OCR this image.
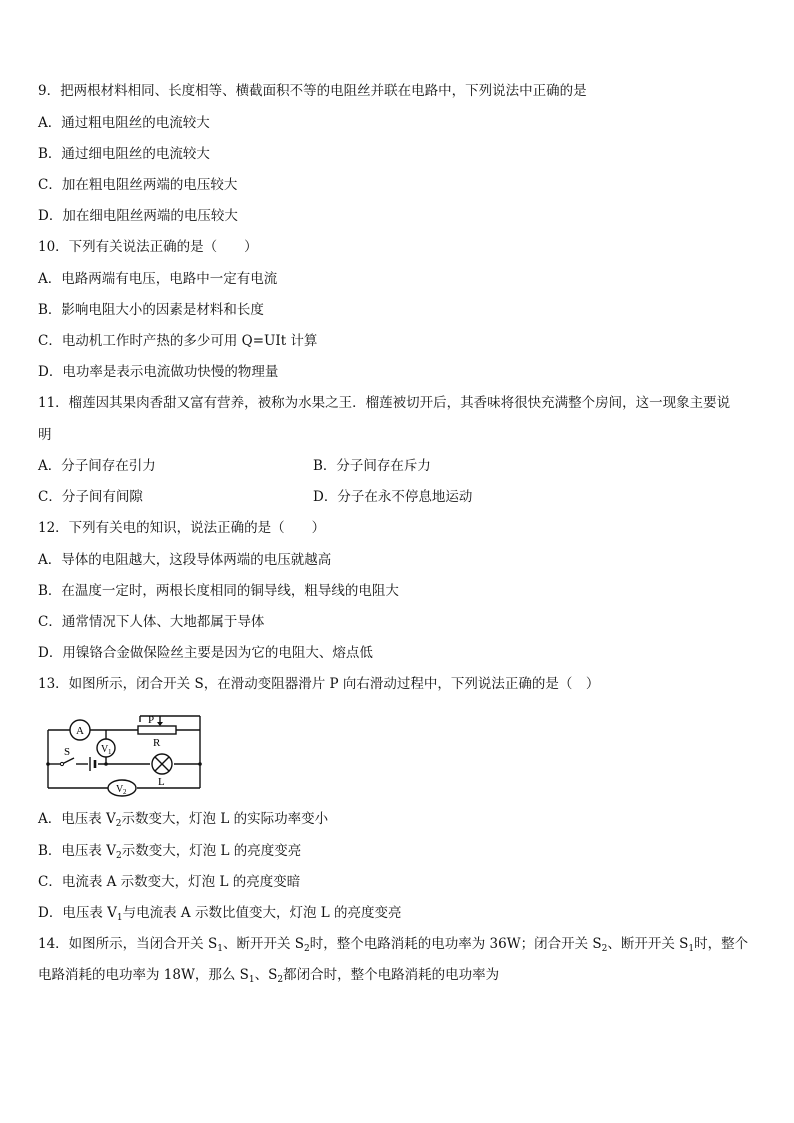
9．把两根材料相同、长度相等、横截面积不等的电阻丝并联在电路中，下列说法中正确的是
A．通过粗电阻丝的电流较大
B．通过细电阻丝的电流较大
C．加在粗电阻丝两端的电压较大
D．加在细电阻丝两端的电压较大
10．下列有关说法正确的是（　　）
A．电路两端有电压，电路中一定有电流
B．影响电阻大小的因素是材料和长度
C．电动机工作时产热的多少可用 Q=UIt 计算
D．电功率是表示电流做功快慢的物理量
11．榴莲因其果肉香甜又富有营养，被称为水果之王．榴莲被切开后，其香味将很快充满整个房间，这一现象主要说
明
A．分子间存在引力	B．分子间存在斥力
C．分子间有间隙	D．分子在永不停息地运动
12．下列有关电的知识，说法正确的是（　　）
A．导体的电阻越大，这段导体两端的电压就越高
B．在温度一定时，两根长度相同的铜导线，粗导线的电阻大
C．通常情况下人体、大地都属于导体
D．用镍铬合金做保险丝主要是因为它的电阻大、熔点低
13．如图所示，闭合开关 S，在滑动变阻器滑片 P 向右滑动过程中，下列说法正确的是（　）
A
P
R
S	V 1
V 2
L
A．电压表 $V_2$示数变大，灯泡 L 的实际功率变小
B．电压表 $V_2$示数变大，灯泡 L 的亮度变亮
C．电流表 A 示数变大，灯泡 L 的亮度变暗
D．电压表 $V_1$与电流表 A 示数比值变大，灯泡 L 的亮度变亮
14．如图所示，当闭合开关 $S_1$、断开开关 $S_2$时，整个电路消耗的电功率为 36W；闭合开关 $S_2$、断开开关 $S_1$时，整个
电路消耗的电功率为 18W，那么 $S_1$、$S_2$都闭合时，整个电路消耗的电功率为
